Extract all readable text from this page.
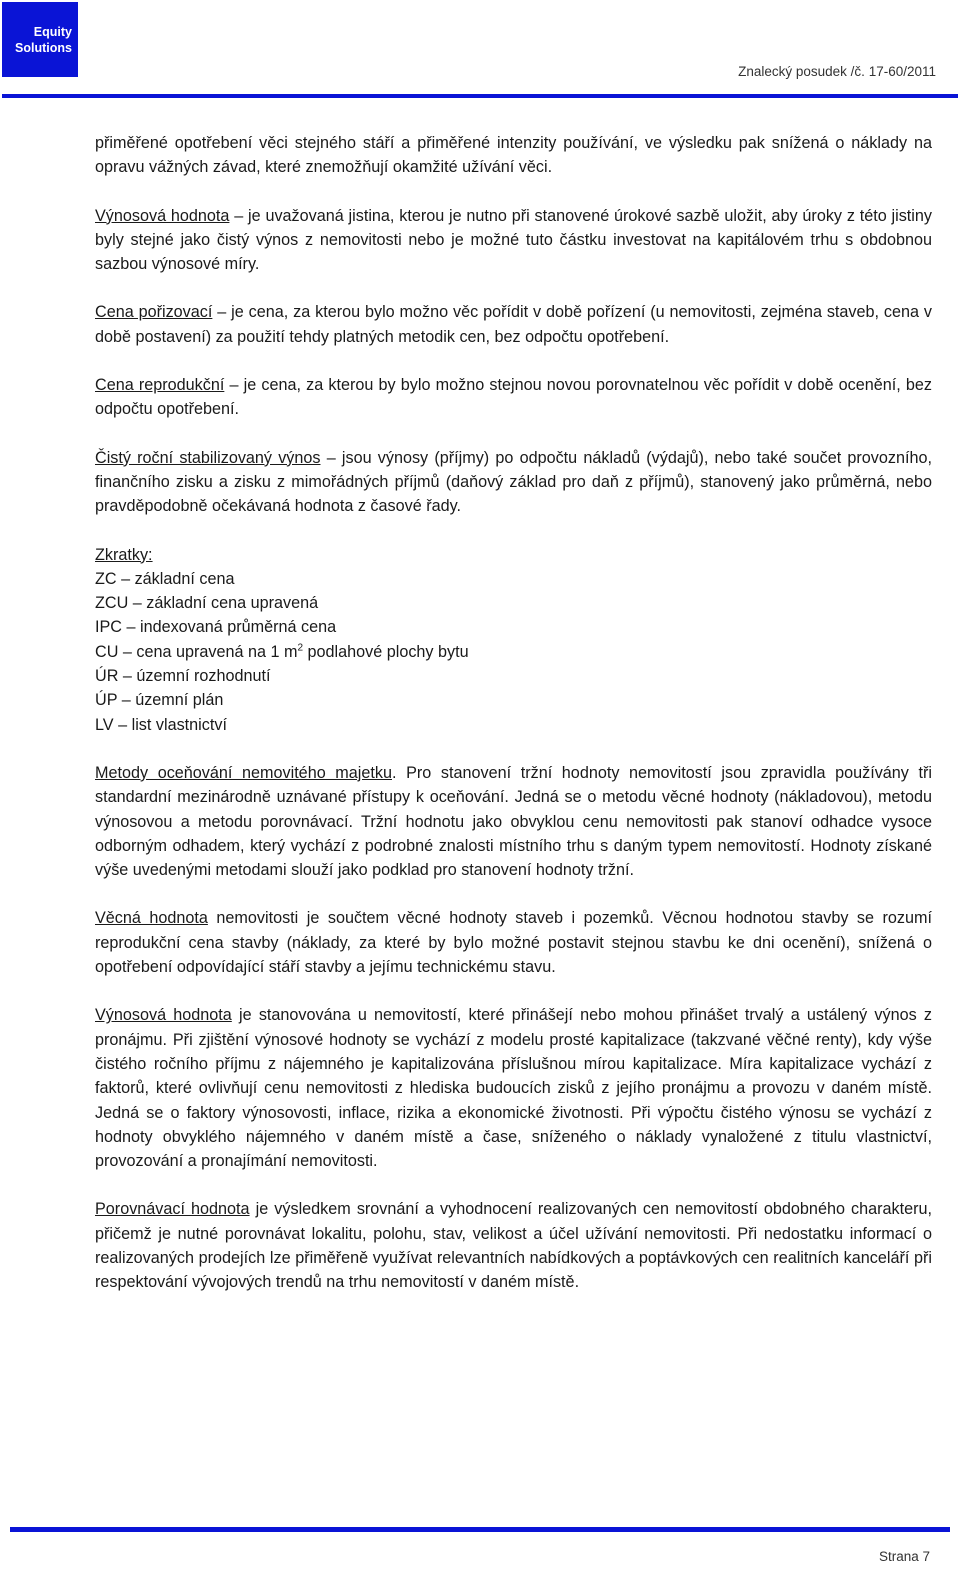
Equity
Solutions
Znalecký posudek /č. 17-60/2011

přiměřené opotřebení věci stejného stáří a přiměřené intenzity používání, ve výsledku pak snížená o náklady na opravu vážných závad, které znemožňují okamžité užívání věci.

Výnosová hodnota – je uvažovaná jistina, kterou je nutno při stanovené úrokové sazbě uložit, aby úroky z této jistiny byly stejné jako čistý výnos z nemovitosti nebo je možné tuto částku investovat na kapitálovém trhu s obdobnou sazbou výnosové míry.

Cena pořizovací – je cena, za kterou bylo možno věc pořídit v době pořízení (u nemovitosti, zejména staveb, cena v době postavení) za použití tehdy platných metodik cen, bez odpočtu opotřebení.

Cena reprodukční – je cena, za kterou by bylo možno stejnou novou porovnatelnou věc pořídit v době ocenění, bez odpočtu opotřebení.

Čistý roční stabilizovaný výnos – jsou výnosy (příjmy) po odpočtu nákladů (výdajů), nebo také součet provozního, finančního zisku a zisku z mimořádných příjmů (daňový základ pro daň z příjmů), stanovený jako průměrná, nebo pravděpodobně očekávaná hodnota z časové řady.

Zkratky:
ZC – základní cena
ZCU – základní cena upravená
IPC – indexovaná průměrná cena
CU – cena upravená na 1 $m^2$ podlahové plochy bytu
ÚR – územní rozhodnutí
ÚP – územní plán
LV – list vlastnictví

Metody oceňování nemovitého majetku. Pro stanovení tržní hodnoty nemovitostí jsou zpravidla používány tři standardní mezinárodně uznávané přístupy k oceňování. Jedná se o metodu věcné hodnoty (nákladovou), metodu výnosovou a metodu porovnávací. Tržní hodnotu jako obvyklou cenu nemovitosti pak stanoví odhadce vysoce odborným odhadem, který vychází z podrobné znalosti místního trhu s daným typem nemovitostí. Hodnoty získané výše uvedenými metodami slouží jako podklad pro stanovení hodnoty tržní.

Věcná hodnota nemovitosti je součtem věcné hodnoty staveb i pozemků. Věcnou hodnotou stavby se rozumí reprodukční cena stavby (náklady, za které by bylo možné postavit stejnou stavbu ke dni ocenění), snížená o opotřebení odpovídající stáří stavby a jejímu technickému stavu.

Výnosová hodnota je stanovována u nemovitostí, které přinášejí nebo mohou přinášet trvalý a ustálený výnos z pronájmu. Při zjištění výnosové hodnoty se vychází z modelu prosté kapitalizace (takzvané věčné renty), kdy výše čistého ročního příjmu z nájemného je kapitalizována příslušnou mírou kapitalizace. Míra kapitalizace vychází z faktorů, které ovlivňují cenu nemovitosti z hlediska budoucích zisků z jejího pronájmu a provozu v daném místě. Jedná se o faktory výnosovosti, inflace, rizika a ekonomické životnosti. Při výpočtu čistého výnosu se vychází z hodnoty obvyklého nájemného v daném místě a čase, sníženého o náklady vynaložené z titulu vlastnictví, provozování a pronajímání nemovitosti.

Porovnávací hodnota je výsledkem srovnání a vyhodnocení realizovaných cen nemovitostí obdobného charakteru, přičemž je nutné porovnávat lokalitu, polohu, stav, velikost a účel užívání nemovitosti. Při nedostatku informací o realizovaných prodejích lze přiměřeně využívat relevantních nabídkových a poptávkových cen realitních kanceláří při respektování vývojových trendů na trhu nemovitostí v daném místě.

Strana 7
